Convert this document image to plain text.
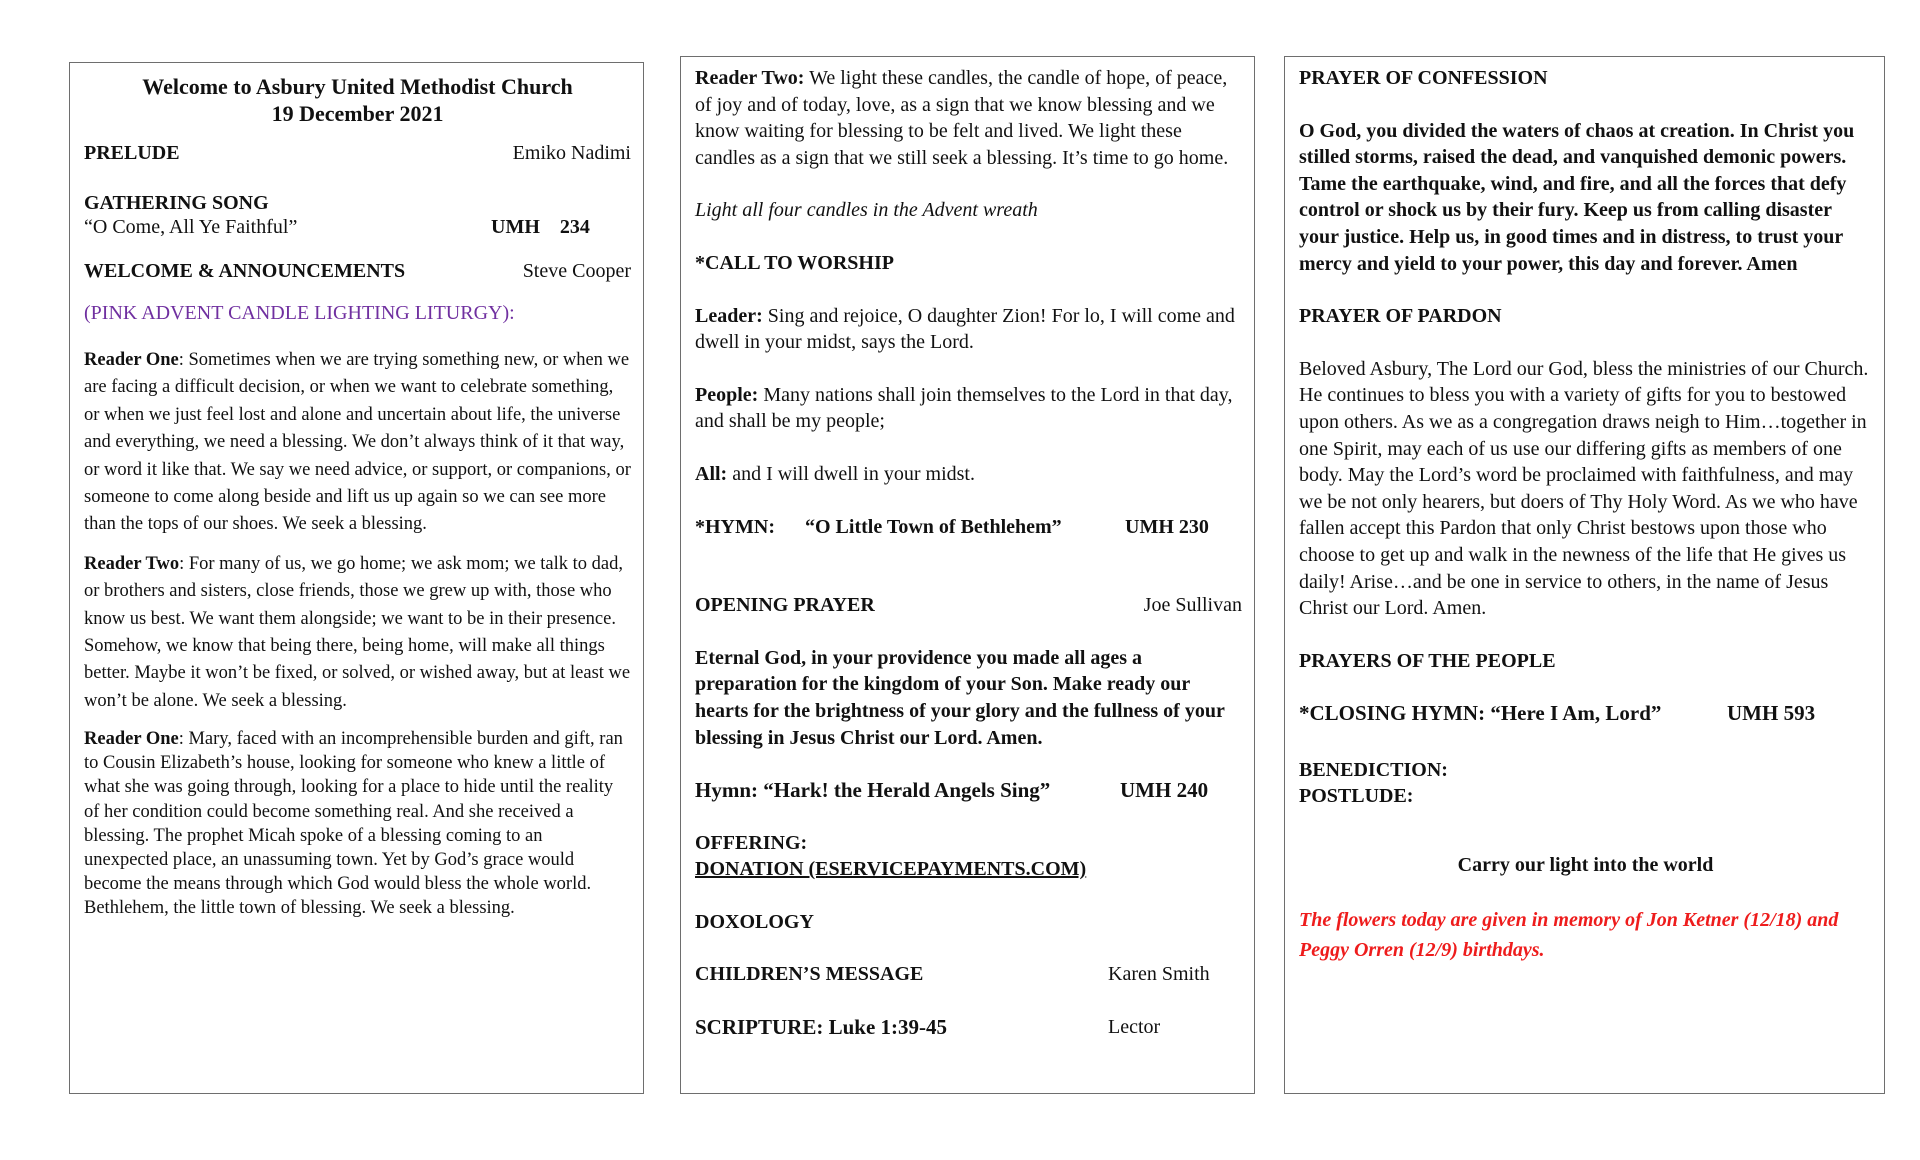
Welcome to Asbury United Methodist Church
19 December 2021
PRELUDE	Emiko Nadimi
GATHERING SONG
“O Come, All Ye Faithful”	UMH 234
WELCOME & ANNOUNCEMENTS	Steve Cooper
(PINK ADVENT CANDLE LIGHTING LITURGY):
Reader One: Sometimes when we are trying something new, or when we are facing a difficult decision, or when we want to celebrate something, or when we just feel lost and alone and uncertain about life, the universe and everything, we need a blessing. We don’t always think of it that way, or word it like that. We say we need advice, or support, or companions, or someone to come along beside and lift us up again so we can see more than the tops of our shoes. We seek a blessing.
Reader Two: For many of us, we go home; we ask mom; we talk to dad, or brothers and sisters, close friends, those we grew up with, those who know us best. We want them alongside; we want to be in their presence. Somehow, we know that being there, being home, will make all things better. Maybe it won’t be fixed, or solved, or wished away, but at least we won’t be alone. We seek a blessing.
Reader One: Mary, faced with an incomprehensible burden and gift, ran to Cousin Elizabeth’s house, looking for someone who knew a little of what she was going through, looking for a place to hide until the reality of her condition could become something real. And she received a blessing. The prophet Micah spoke of a blessing coming to an unexpected place, an unassuming town. Yet by God’s grace would become the means through which God would bless the whole world. Bethlehem, the little town of blessing. We seek a blessing.
Reader Two: We light these candles, the candle of hope, of peace, of joy and of today, love, as a sign that we know blessing and we know waiting for blessing to be felt and lived. We light these candles as a sign that we still seek a blessing. It’s time to go home.
Light all four candles in the Advent wreath
*CALL TO WORSHIP
Leader: Sing and rejoice, O daughter Zion! For lo, I will come and dwell in your midst, says the Lord.
People: Many nations shall join themselves to the Lord in that day, and shall be my people;
All: and I will dwell in your midst.
*HYMN:	“O Little Town of Bethlehem”	UMH 230
OPENING PRAYER	Joe Sullivan
Eternal God, in your providence you made all ages a preparation for the kingdom of your Son. Make ready our hearts for the brightness of your glory and the fullness of your blessing in Jesus Christ our Lord. Amen.
Hymn: “Hark! the Herald Angels Sing”	UMH 240
OFFERING:
DONATION (ESERVICEPAYMENTS.COM)
DOXOLOGY
CHILDREN’S MESSAGE	Karen Smith
SCRIPTURE: Luke 1:39-45	Lector
PRAYER OF CONFESSION
O God, you divided the waters of chaos at creation. In Christ you stilled storms, raised the dead, and vanquished demonic powers. Tame the earthquake, wind, and fire, and all the forces that defy control or shock us by their fury. Keep us from calling disaster your justice. Help us, in good times and in distress, to trust your mercy and yield to your power, this day and forever. Amen
PRAYER OF PARDON
Beloved Asbury, The Lord our God, bless the ministries of our Church. He continues to bless you with a variety of gifts for you to bestowed upon others. As we as a congregation draws neigh to Him…together in one Spirit, may each of us use our differing gifts as members of one body. May the Lord’s word be proclaimed with faithfulness, and may we be not only hearers, but doers of Thy Holy Word. As we who have fallen accept this Pardon that only Christ bestows upon those who choose to get up and walk in the newness of the life that He gives us daily! Arise…and be one in service to others, in the name of Jesus Christ our Lord. Amen.
PRAYERS OF THE PEOPLE
*CLOSING HYMN: “Here I Am, Lord”	UMH 593
BENEDICTION:
POSTLUDE:
Carry our light into the world
The flowers today are given in memory of Jon Ketner (12/18) and Peggy Orren (12/9) birthdays.
